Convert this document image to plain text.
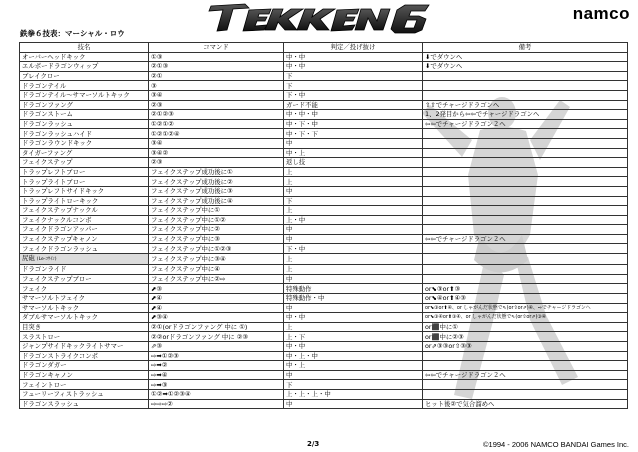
namco
鉄拳６技表：マーシャル・ロウ
技名	コマンド	判定／投げ抜け	備考
オーバーヘッドキック	①③	中・中	⬇でダウンへ
エルボードラゴンウィップ	②①③	中・中	⬇でダウンへ
ブレイクロー	②①	下	
ドラゴンテイル	③	下	
ドラゴンテイル～サマーソルトキック	③④	下・中	
ドラゴンファング	②③	ガード不能	⇧⇧でチャージドラゴンへ
ドラゴンストーム	②①②③	中・中・中	1、2発目から⇦⇦でチャージドラゴンへ
ドラゴンラッシュ	①②①②	中・下・中	⇦⇦でチャージドラゴン２へ
ドラゴンラッシュハイド	①②①②④	中・下・下	
ドラゴンラウンドキック	③④	中	
タイガーファング	③④②	中・上	
フェイクステップ	②③	返し技	
トラップレフトブロー	フェイクステップ成功後に①	上	
トラップライトブロー	フェイクステップ成功後に②	上	
トラップレフトサイドキック	フェイクステップ成功後に③	中	
トラップライトローキック	フェイクステップ成功後に④	下	
フェイクステップナックル	フェイクステップ中に①	上	
フェイクナックルコンボ	フェイクステップ中に①②	上・中	
フェイクドラゴンアッパー	フェイクステップ中に②	中	
フェイクステップキャノン	フェイクステップ中に③	中	⇦⇦でチャージドラゴン２へ
フェイクドラゴンラッシュ	フェイクステップ中に①②③	下・中	
尻砲 (Le-ｺｳｲﾝ)	フェイクステップ中に③④	上	
ドラゴンライド	フェイクステップ中に④	上	
フェイクステップブロー	フェイクステップ中に②⇨	中	
フェイク	⬈③	特殊動作	or⬊③or⬆③
サマーソルトフェイク	⬈④	特殊動作・中	or⬊④or⬆④③
サマーソルトキック	⬈④	中	or⬊③or⬆④、or しゃがんだ状態で⇖(or⇧or⇗)④、⇨でチャージドラゴンへ
ダブルサマーソルトキック	⬈③④	中・中	or⬊③④or⬆③④、or しゃがんだ状態で⇖(or⇧or⇗)③④
目突き	②①(orドラゴンファング 中に ①)	上	or⬛中に①
スラストロー	②②orドラゴンファング 中に ②③	上・下	or⬛中に②③
ジャンプサイドキックライトサマー	⇗③	中・中	or⇗③③or⇧③③
ドラゴンストライクコンボ	⇨➡①②③	中・上・中	
ドラゴンダガー	⇨➡②	中・上	
ドラゴンキャノン	⇨➡④	中	⇦⇦でチャージドラゴン２へ
フェイントロー	⇨➡③	下	
フューリーフィストラッシュ	①②➡①②③④	上・上・上・中	
ドラゴンスラッシュ	⇨⇨⇨②	中	ヒット後②で気合溜めへ
2/3	©1994 - 2006 NAMCO BANDAI Games Inc.
